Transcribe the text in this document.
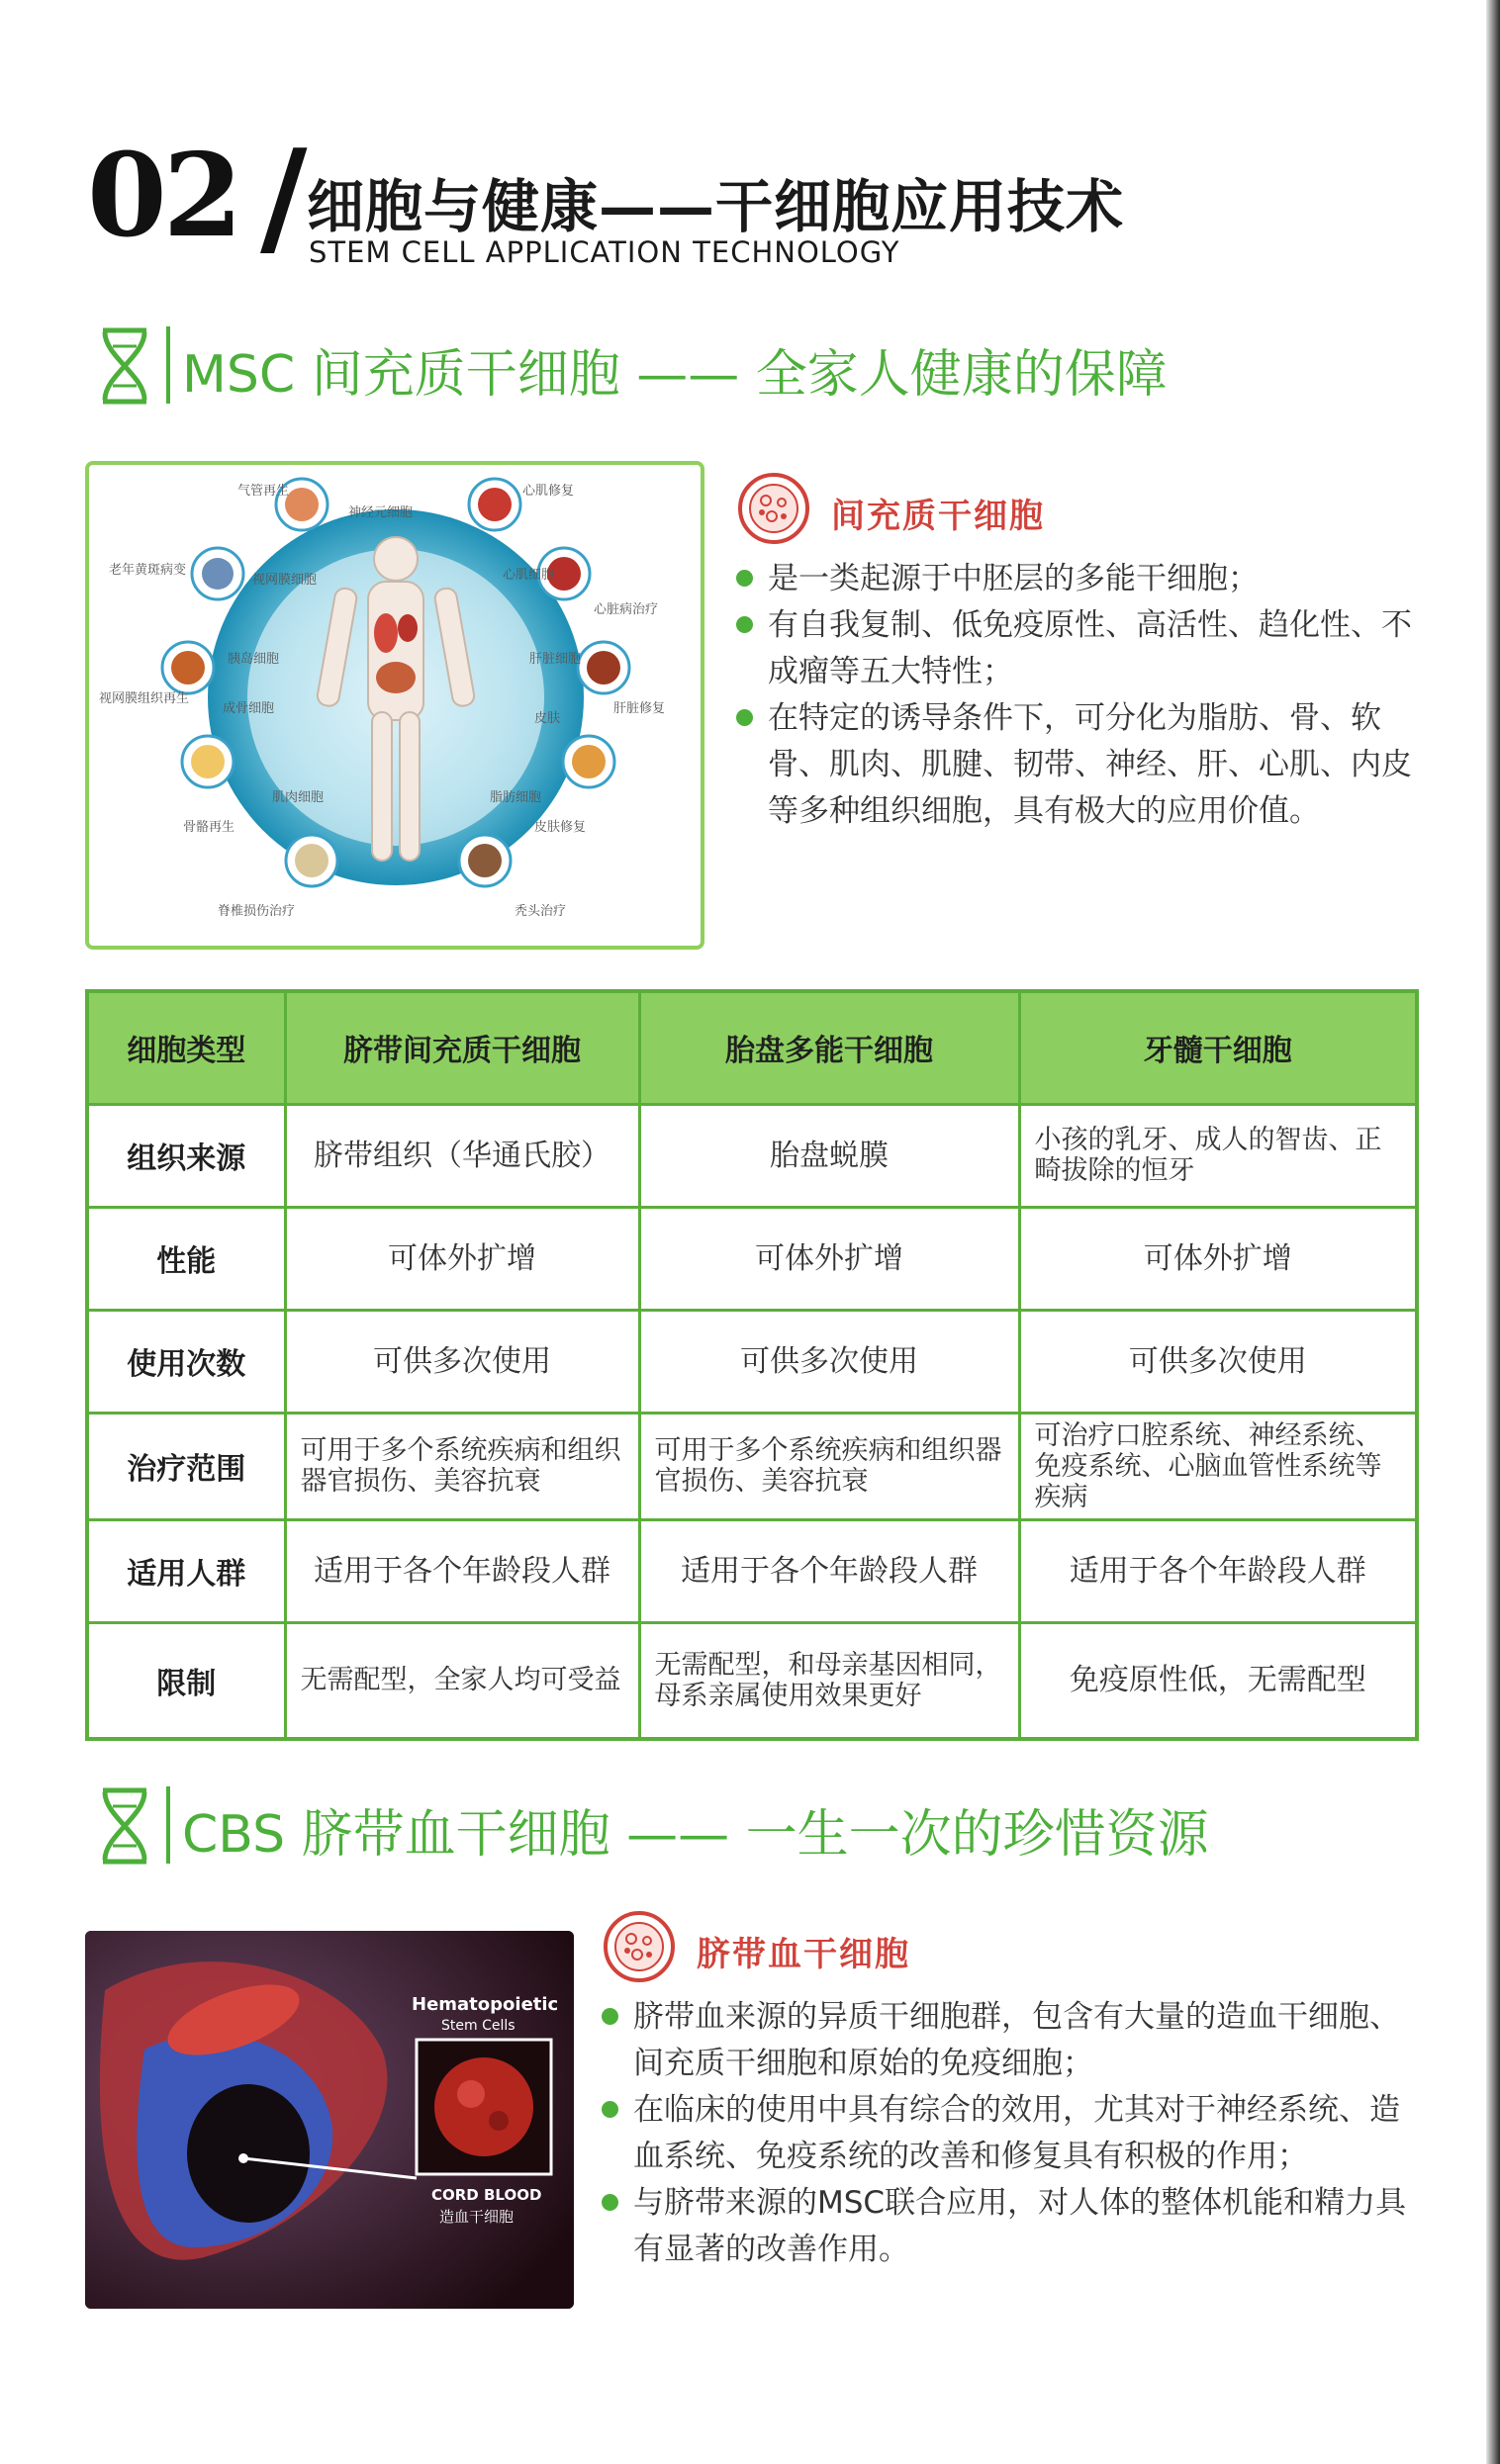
02 / 细胞与健康——干细胞应用技术
STEM CELL APPLICATION TECHNOLOGY
MSC 间充质干细胞 —— 全家人健康的保障
气管再生
神经元细胞
心肌修复
老年黄斑病变
视网膜细胞	心肌细胞
心脏病治疗
胰岛细胞	肝脏细胞
视网膜组织再生
成骨细胞
皮肤
肝脏修复
肌肉细胞	脂肪细胞
骨骼再生	皮肤修复
脊椎损伤治疗	秃头治疗
间充质干细胞
是一类起源于中胚层的多能干细胞；
有自我复制、低免疫原性、高活性、趋化性、不成瘤等五大特性；
在特定的诱导条件下，可分化为脂肪、骨、软骨、肌肉、肌腱、韧带、神经、肝、心肌、内皮等多种组织细胞，具有极大的应用价值。
细胞类型	脐带间充质干细胞	胎盘多能干细胞	牙髓干细胞
组织来源	脐带组织（华通氏胶）	胎盘蜕膜	小孩的乳牙、成人的智齿、正畸拔除的恒牙
性能	可体外扩增	可体外扩增	可体外扩增
使用次数	可供多次使用	可供多次使用	可供多次使用
治疗范围	可用于多个系统疾病和组织器官损伤、美容抗衰	可用于多个系统疾病和组织器官损伤、美容抗衰	可治疗口腔系统、神经系统、免疫系统、心脑血管性系统等疾病
适用人群	适用于各个年龄段人群	适用于各个年龄段人群	适用于各个年龄段人群
限制	无需配型，全家人均可受益	无需配型，和母亲基因相同，母系亲属使用效果更好	免疫原性低，无需配型
CBS 脐带血干细胞 —— 一生一次的珍惜资源
Hematopoietic
Stem Cells
CORD BLOOD
造血干细胞
脐带血干细胞
脐带血来源的异质干细胞群，包含有大量的造血干细胞、间充质干细胞和原始的免疫细胞；
在临床的使用中具有综合的效用，尤其对于神经系统、造血系统、免疫系统的改善和修复具有积极的作用；
与脐带来源的MSC联合应用，对人体的整体机能和精力具有显著的改善作用。
